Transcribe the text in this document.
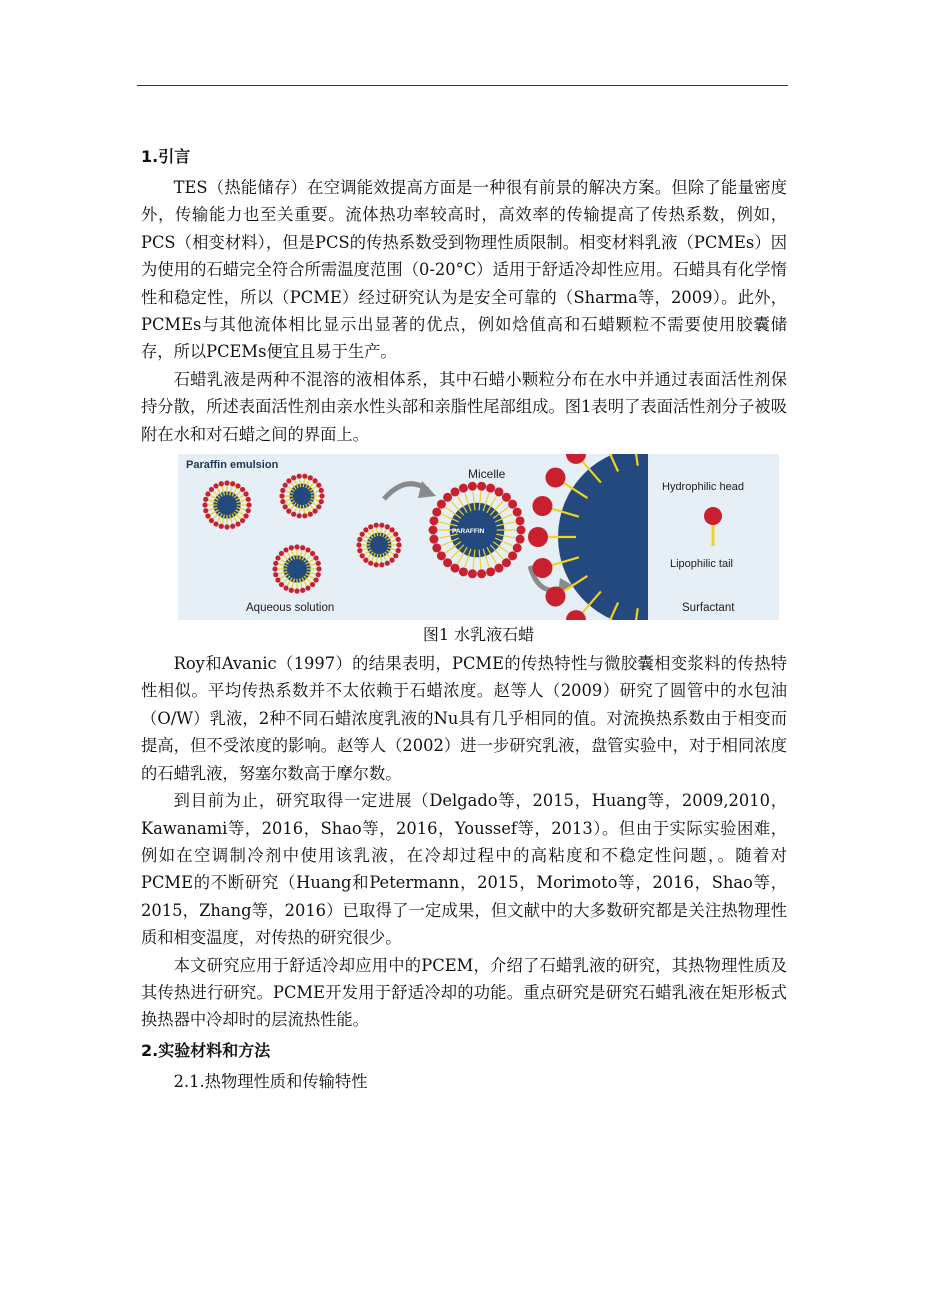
1.引言

TES（热能储存）在空调能效提高方面是一种很有前景的解决方案。但除了能量密度外，传输能力也至关重要。流体热功率较高时，高效率的传输提高了传热系数，例如，PCS（相变材料），但是PCS的传热系数受到物理性质限制。相变材料乳液（PCMEs）因为使用的石蜡完全符合所需温度范围（0-20°C）适用于舒适冷却性应用。石蜡具有化学惰性和稳定性，所以（PCME）经过研究认为是安全可靠的（Sharma等，2009）。此外，PCMEs与其他流体相比显示出显著的优点，例如焓值高和石蜡颗粒不需要使用胶囊储存，所以PCEMs便宜且易于生产。

石蜡乳液是两种不混溶的液相体系，其中石蜡小颗粒分布在水中并通过表面活性剂保持分散，所述表面活性剂由亲水性头部和亲脂性尾部组成。图1表明了表面活性剂分子被吸附在水和对石蜡之间的界面上。

Paraffin emulsion
Aqueous solution
Micelle
Hydrophilic head
Lipophilic tail
Surfactant
PARAFFIN
图1 水乳液石蜡

Roy和Avanic（1997）的结果表明，PCME的传热特性与微胶囊相变浆料的传热特性相似。平均传热系数并不太依赖于石蜡浓度。赵等人（2009）研究了圆管中的水包油（O/W）乳液，2种不同石蜡浓度乳液的Nu具有几乎相同的值。对流换热系数由于相变而提高，但不受浓度的影响。赵等人（2002）进一步研究乳液，盘管实验中，对于相同浓度的石蜡乳液，努塞尔数高于摩尔数。

到目前为止，研究取得一定进展（Delgado等，2015，Huang等，2009,2010，Kawanami等，2016，Shao等，2016，Youssef等，2013）。但由于实际实验困难，例如在空调制冷剂中使用该乳液，在冷却过程中的高粘度和不稳定性问题，。随着对PCME的不断研究（Huang和Petermann，2015，Morimoto等，2016，Shao等，2015，Zhang等，2016）已取得了一定成果，但文献中的大多数研究都是关注热物理性质和相变温度，对传热的研究很少。

本文研究应用于舒适冷却应用中的PCEM，介绍了石蜡乳液的研究，其热物理性质及其传热进行研究。PCME开发用于舒适冷却的功能。重点研究是研究石蜡乳液在矩形板式换热器中冷却时的层流热性能。

2.实验材料和方法
2.1.热物理性质和传输特性
